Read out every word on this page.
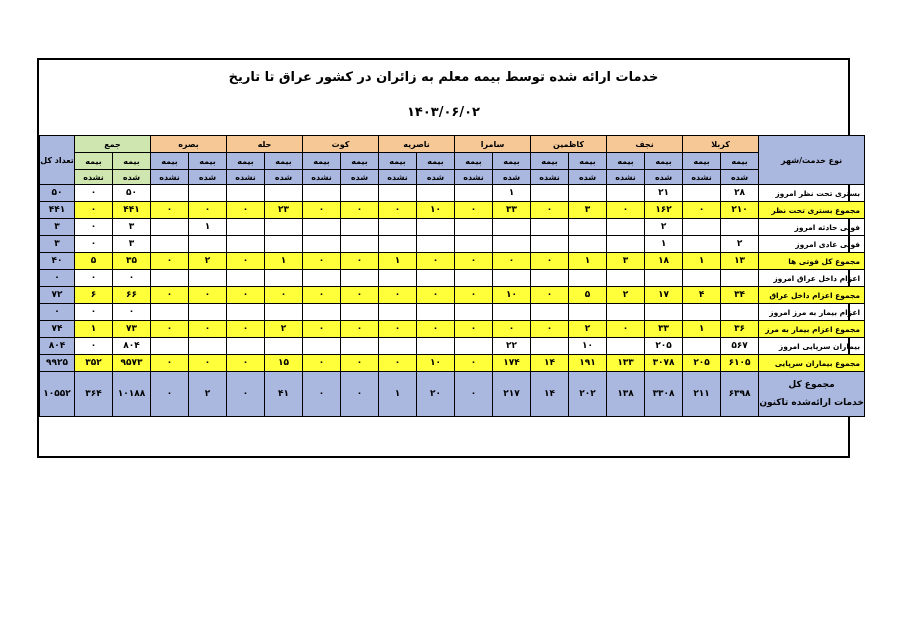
خدمات ارائه شده توسط بیمه معلم به زائران در کشور عراق تا تاریخ
۱۴۰۳/۰۶/۰۲
نوع خدمت/شهر	کربلا		نجف		کاظمین		سامرا		ناصریه		کوت		حله		بصره		جمع		تعداد کل
	بیمه	بیمه	بیمه	بیمه	بیمه	بیمه	بیمه	بیمه	بیمه	بیمه	بیمه	بیمه	بیمه	بیمه	بیمه	بیمه	بیمه	بیمه	
	شده	نشده	شده	نشده	شده	نشده	شده	نشده	شده	نشده	شده	نشده	شده	نشده	شده	نشده	شده	نشده	
بستری تحت نظر امروز	۲۸		۲۱				۱										۵۰	۰	۵۰
مجموع بستری تحت نظر	۲۱۰	۰	۱۶۲	۰	۳	۰	۳۳	۰	۱۰	۰	۰	۰	۲۳	۰	۰	۰	۴۴۱	۰	۴۴۱
فوتی حادثه امروز			۲												۱		۳	۰	۳
فوتی عادی امروز	۲		۱														۳	۰	۳
مجموع کل فوتی ها	۱۳	۱	۱۸	۳	۱	۰	۰	۰	۰	۱	۰	۰	۱	۰	۲	۰	۳۵	۵	۴۰
اعزام داخل عراق امروز																	۰	۰	۰
مجموع اعزام داخل عراق	۳۴	۴	۱۷	۲	۵	۰	۱۰	۰	۰	۰	۰	۰	۰	۰	۰	۰	۶۶	۶	۷۲
اعزام بیمار به مرز امروز																	۰	۰	۰
مجموع اعزام بیمار به مرز	۳۶	۱	۳۳	۰	۲	۰	۰	۰	۰	۰	۰	۰	۲	۰	۰	۰	۷۳	۱	۷۴
بیماران سرپایی امروز	۵۶۷		۲۰۵		۱۰		۲۲										۸۰۴	۰	۸۰۴
مجموع بیماران سرپایی	۶۱۰۵	۲۰۵	۳۰۷۸	۱۳۳	۱۹۱	۱۴	۱۷۴	۰	۱۰	۰	۰	۰	۱۵	۰	۰	۰	۹۵۷۳	۳۵۲	۹۹۲۵

مجموع کل
خدمات ارائه‌شده تاکنون	۶۳۹۸	۲۱۱	۳۳۰۸	۱۳۸	۲۰۲	۱۴	۲۱۷	۰	۲۰	۱	۰	۰	۴۱	۰	۲	۰	۱۰۱۸۸	۳۶۴	۱۰۵۵۲
